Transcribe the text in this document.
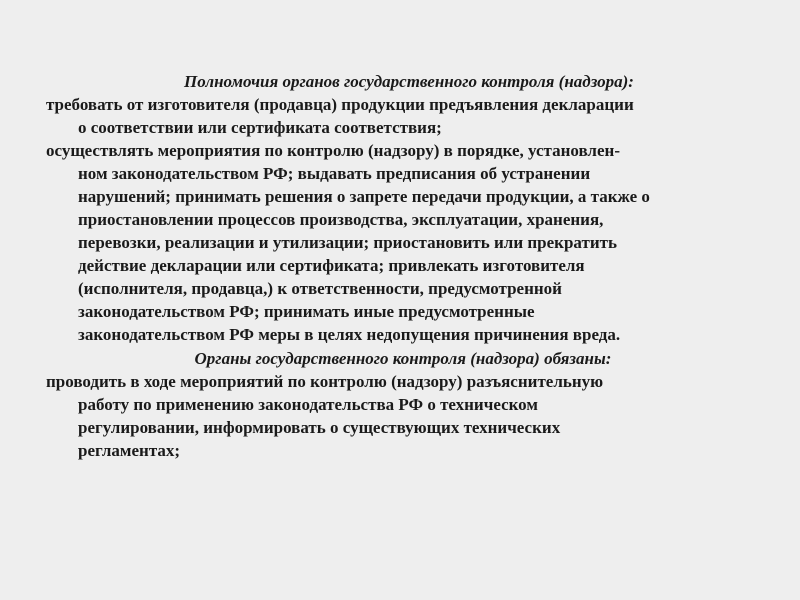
Полномочия органов государственного контроля (надзора):

требовать от изготовителя (продавца) продукции предъявления декларации
о соответствии или сертификата соответствия;

осуществлять мероприятия по контролю (надзору) в порядке, установлен-
ном законодательством РФ; выдавать предписания об устранении
нарушений; принимать решения о запрете передачи продукции, а также о
приостановлении процессов производства, эксплуатации, хранения,
перевозки, реализации и утилизации; приостановить или прекратить
действие декларации или сертификата; привлекать изготовителя
(исполнителя, продавца,) к ответственности, предусмотренной
законодательством РФ; принимать иные предусмотренные
законодательством РФ меры в целях недопущения причинения вреда.

Органы государственного контроля (надзора) обязаны:

проводить в ходе мероприятий по контролю (надзору) разъяснительную
работу по применению законодательства РФ о техническом
регулировании, информировать о существующих технических
регламентах;
